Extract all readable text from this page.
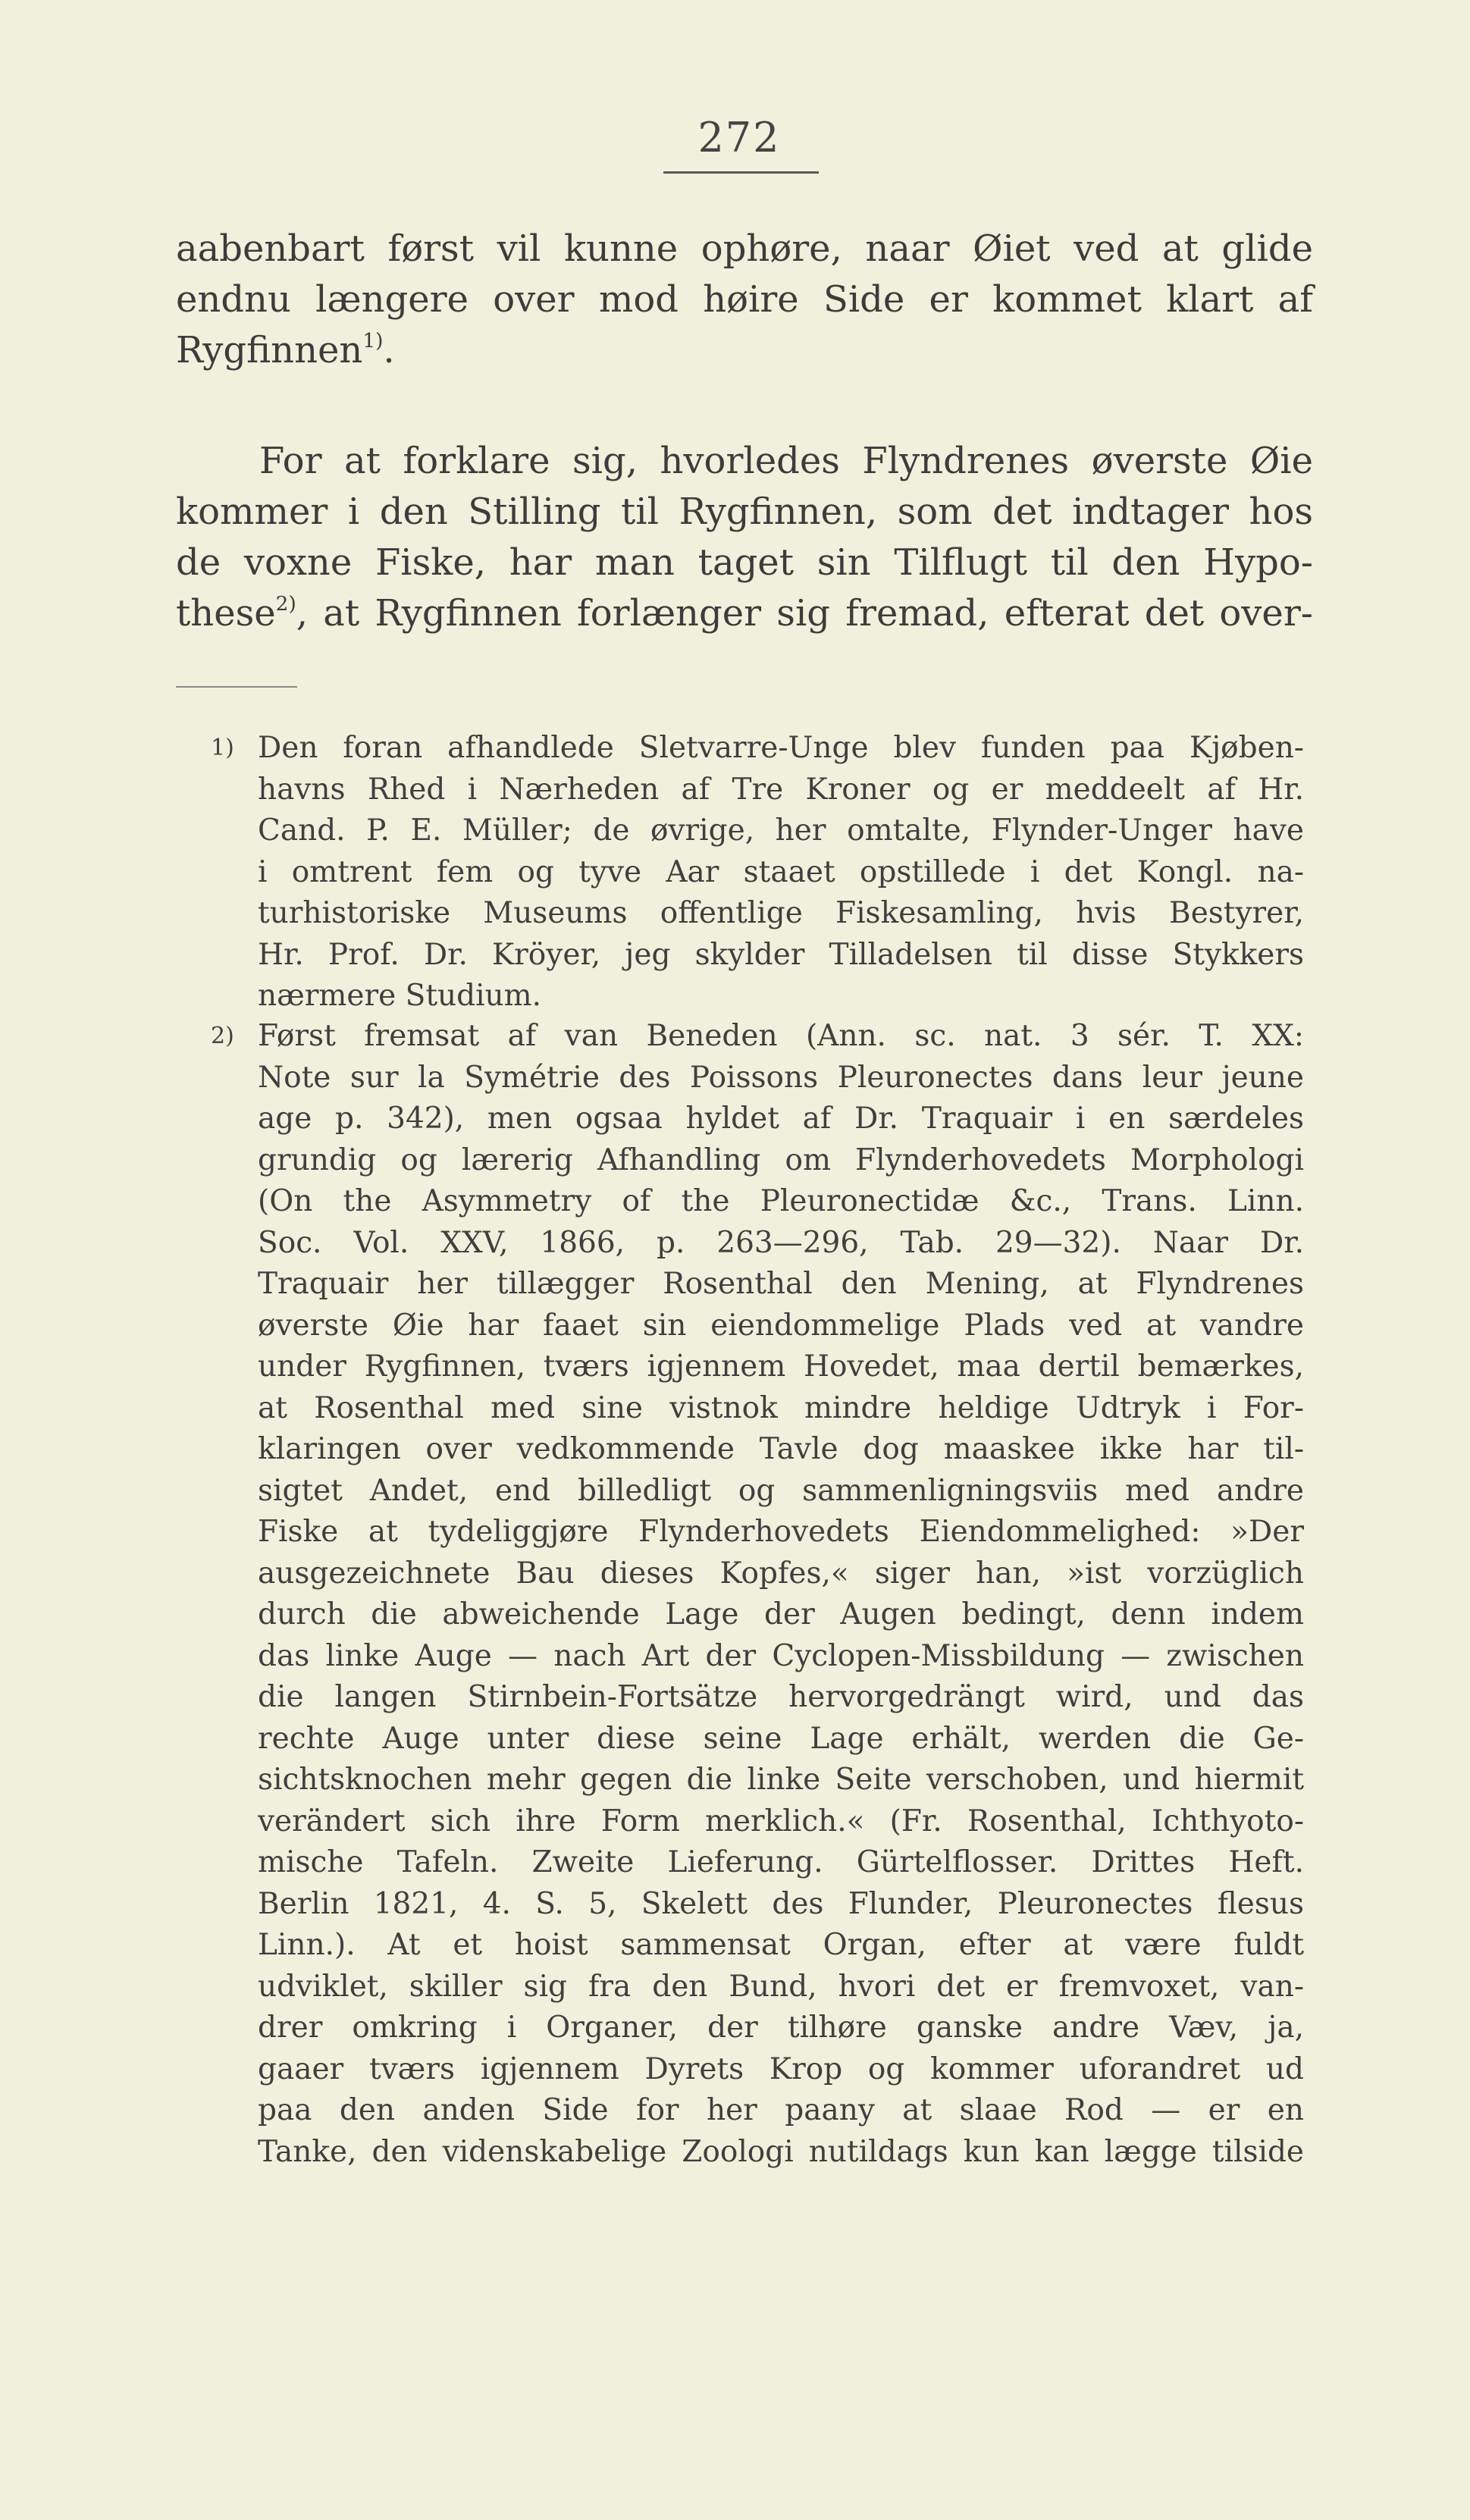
272
aabenbart først vil kunne ophøre, naar Øiet ved at glide
endnu længere over mod høire Side er kommet klart af
Rygfinnen$^{1)}$.
For at forklare sig, hvorledes Flyndrenes øverste Øie
kommer i den Stilling til Rygfinnen, som det indtager hos
de voxne Fiske, har man taget sin Tilflugt til den Hypo-
these$^{2)}$, at Rygfinnen forlænger sig fremad, efterat det over-
1) Den foran afhandlede Sletvarre-Unge blev funden paa Kjøben-
havns Rhed i Nærheden af Tre Kroner og er meddeelt af Hr.
Cand. P. E. Müller; de øvrige, her omtalte, Flynder-Unger have
i omtrent fem og tyve Aar staaet opstillede i det Kongl. na-
turhistoriske Museums offentlige Fiskesamling, hvis Bestyrer,
Hr. Prof. Dr. Kröyer, jeg skylder Tilladelsen til disse Stykkers
nærmere Studium.
2) Først fremsat af van Beneden (Ann. sc. nat. 3 sér. T. XX:
Note sur la Symétrie des Poissons Pleuronectes dans leur jeune
age p. 342), men ogsaa hyldet af Dr. Traquair i en særdeles
grundig og lærerig Afhandling om Flynderhovedets Morphologi
(On the Asymmetry of the Pleuronectidæ &c., Trans. Linn.
Soc. Vol. XXV, 1866, p. 263—296, Tab. 29—32). Naar Dr.
Traquair her tillægger Rosenthal den Mening, at Flyndrenes
øverste Øie har faaet sin eiendommelige Plads ved at vandre
under Rygfinnen, tværs igjennem Hovedet, maa dertil bemærkes,
at Rosenthal med sine vistnok mindre heldige Udtryk i For-
klaringen over vedkommende Tavle dog maaskee ikke har til-
sigtet Andet, end billedligt og sammenligningsviis med andre
Fiske at tydeliggjøre Flynderhovedets Eiendommelighed: »Der
ausgezeichnete Bau dieses Kopfes,« siger han, »ist vorzüglich
durch die abweichende Lage der Augen bedingt, denn indem
das linke Auge — nach Art der Cyclopen-Missbildung — zwischen
die langen Stirnbein-Fortsätze hervorgedrängt wird, und das
rechte Auge unter diese seine Lage erhält, werden die Ge-
sichtsknochen mehr gegen die linke Seite verschoben, und hiermit
verändert sich ihre Form merklich.« (Fr. Rosenthal, Ichthyoto-
mische Tafeln. Zweite Lieferung. Gürtelflosser. Drittes Heft.
Berlin 1821, 4. S. 5, Skelett des Flunder, Pleuronectes flesus
Linn.). At et hoist sammensat Organ, efter at være fuldt
udviklet, skiller sig fra den Bund, hvori det er fremvoxet, van-
drer omkring i Organer, der tilhøre ganske andre Væv, ja,
gaaer tværs igjennem Dyrets Krop og kommer uforandret ud
paa den anden Side for her paany at slaae Rod — er en
Tanke, den videnskabelige Zoologi nutildags kun kan lægge tilside
